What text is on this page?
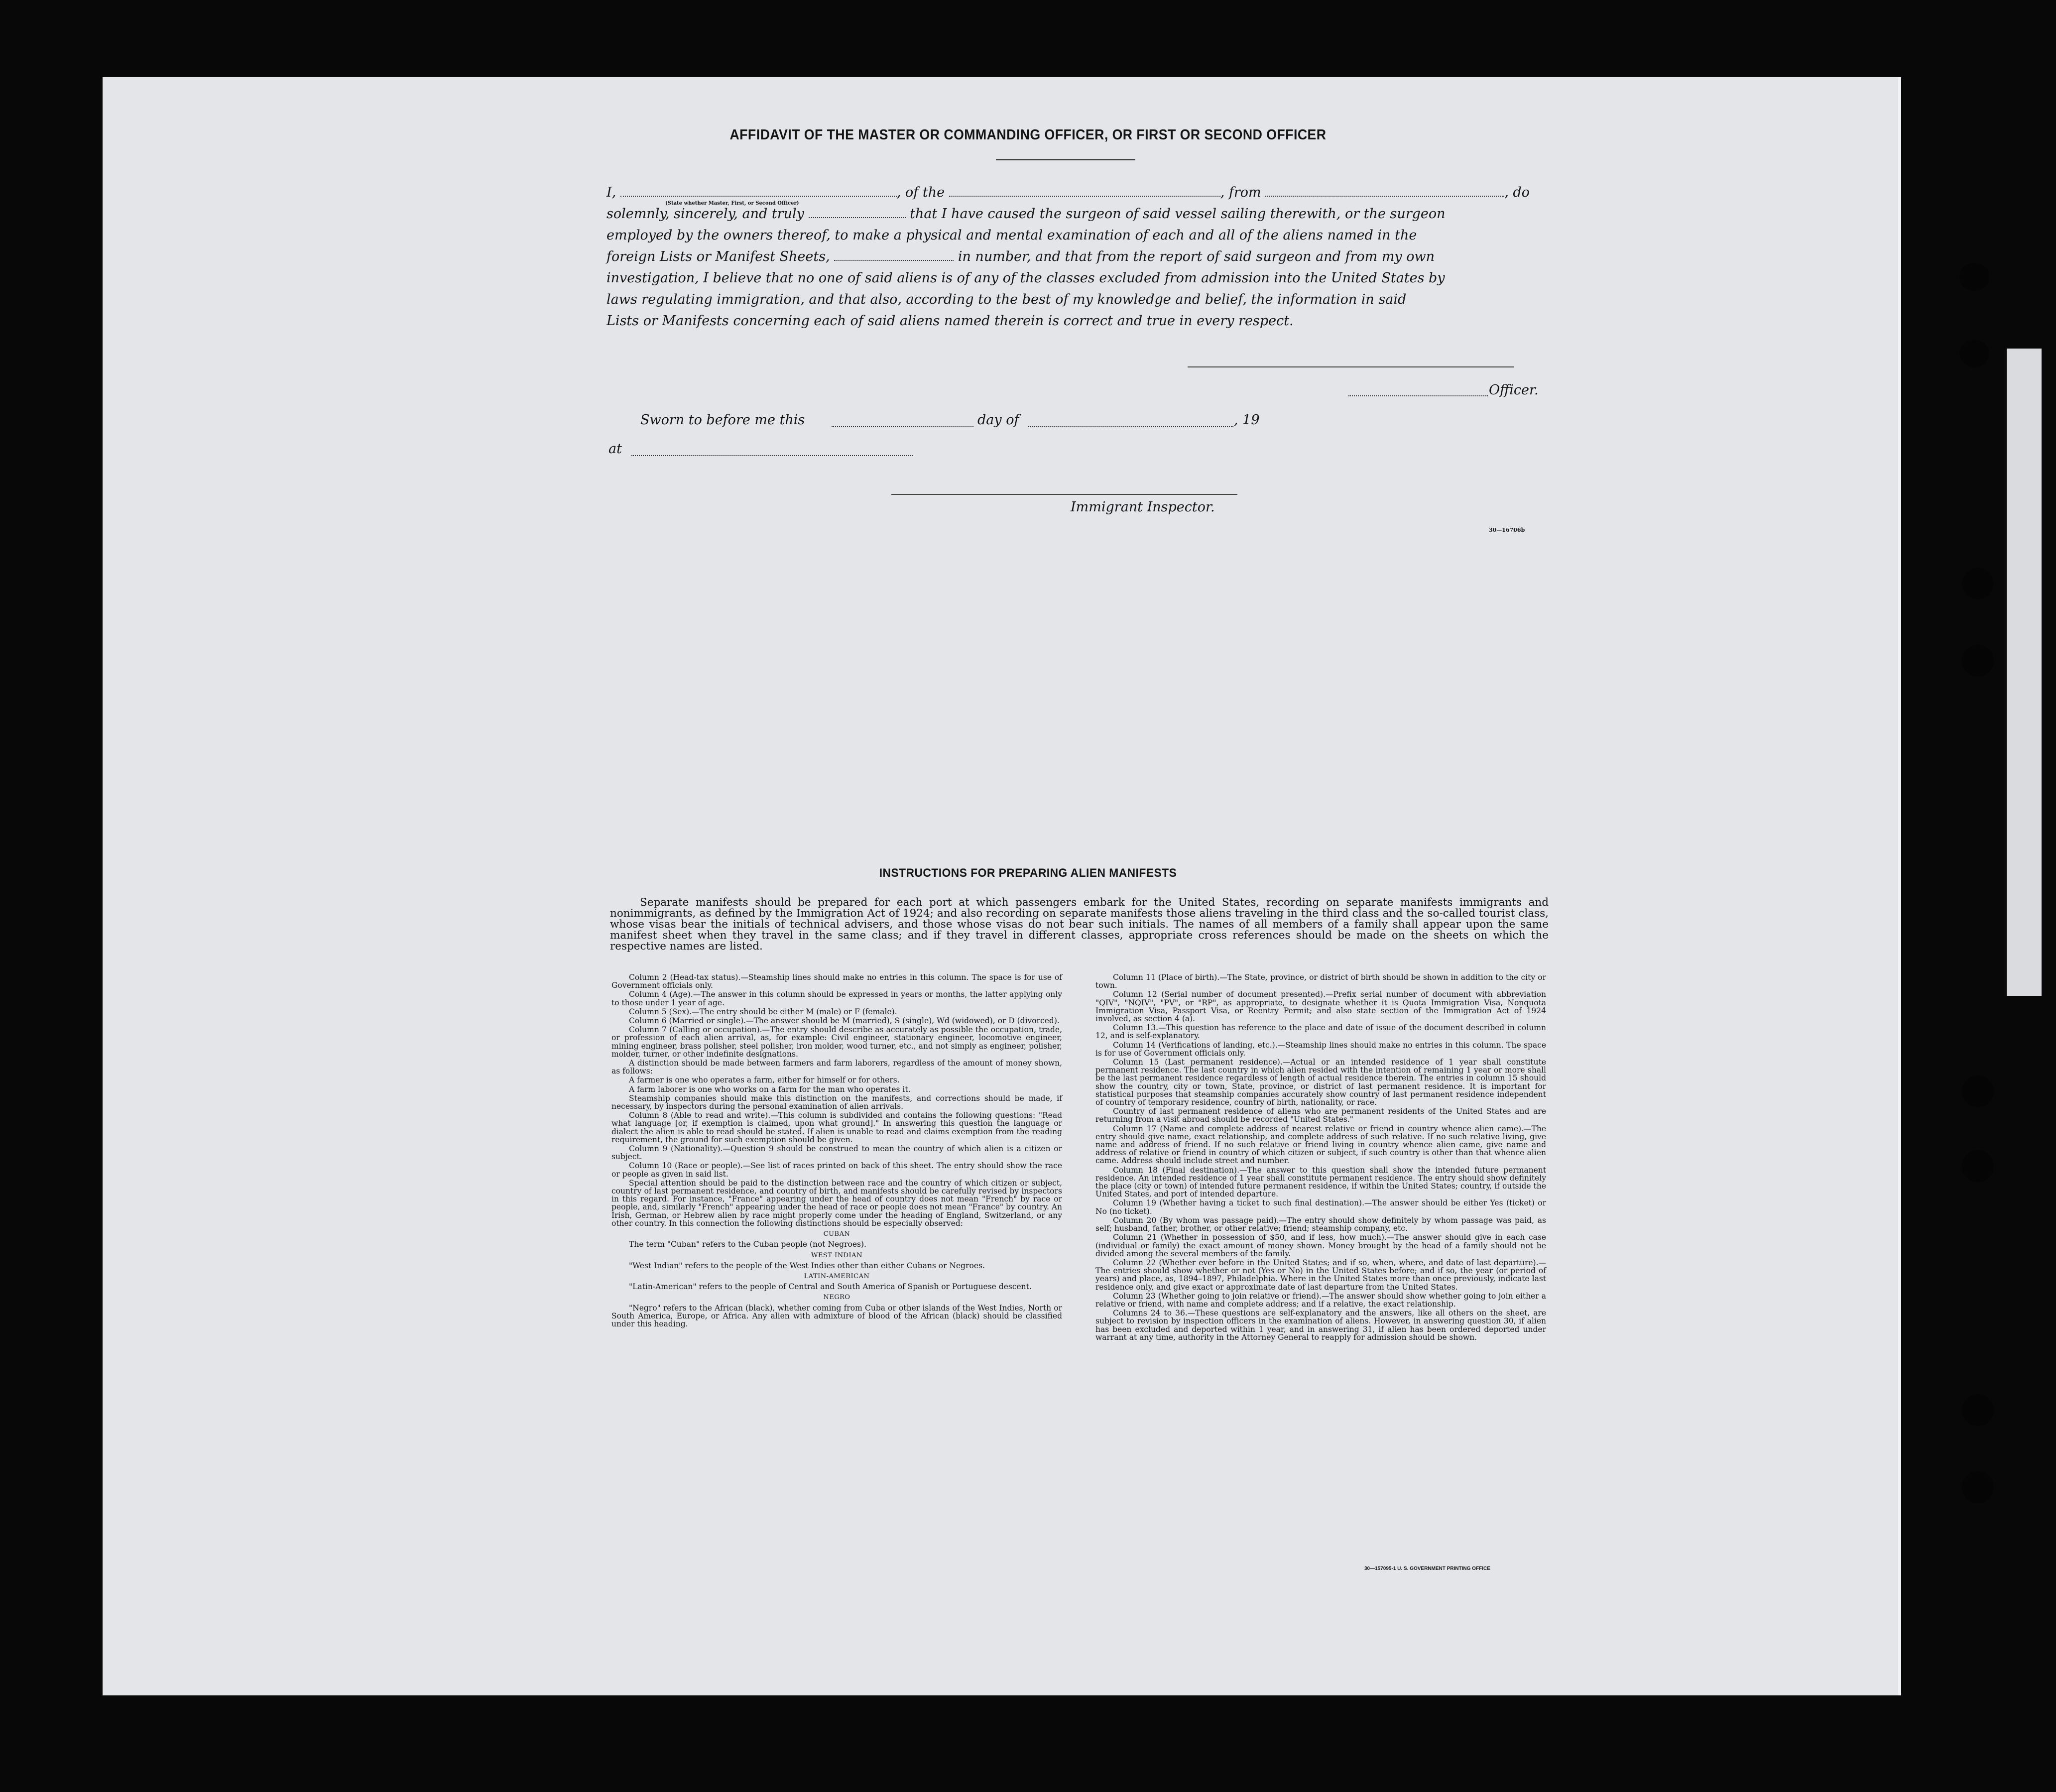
AFFIDAVIT OF THE MASTER OR COMMANDING OFFICER, OR FIRST OR SECOND OFFICER
I,	, of the	, from	, do
(State whether Master, First, or Second Officer)
solemnly, sincerely, and truly	that I have caused the surgeon of said vessel sailing therewith, or the surgeon
employed by the owners thereof, to make a physical and mental examination of each and all of the aliens named in the
foreign Lists or Manifest Sheets,	in number, and that from the report of said surgeon and from my own
investigation, I believe that no one of said aliens is of any of the classes excluded from admission into the United States by
laws regulating immigration, and that also, according to the best of my knowledge and belief, the information in said
Lists or Manifests concerning each of said aliens named therein is correct and true in every respect.
Officer.
Sworn to before me this	day of	, 19
at
Immigrant Inspector.
30—16706b
INSTRUCTIONS FOR PREPARING ALIEN MANIFESTS
Separate manifests should be prepared for each port at which passengers embark for the United States, recording on separate manifests immigrants and nonimmigrants, as defined by the Immigration Act of 1924; and also recording on separate manifests those aliens traveling in the third class and the so-called tourist class, whose visas bear the initials of technical advisers, and those whose visas do not bear such initials. The names of all members of a family shall appear upon the same manifest sheet when they travel in the same class; and if they travel in different classes, appropriate cross references should be made on the sheets on which the respective names are listed.

Column 2 (Head-tax status).—Steamship lines should make no entries in this column. The space is for use of Government officials only.

Column 4 (Age).—The answer in this column should be expressed in years or months, the latter applying only to those under 1 year of age.

Column 5 (Sex).—The entry should be either M (male) or F (female).

Column 6 (Married or single).—The answer should be M (married), S (single), Wd (widowed), or D (divorced).

Column 7 (Calling or occupation).—The entry should describe as accurately as possible the occupation, trade, or profession of each alien arrival, as, for example: Civil engineer, stationary engineer, locomotive engineer, mining engineer, brass polisher, steel polisher, iron molder, wood turner, etc., and not simply as engineer, polisher, molder, turner, or other indefinite designations.

A distinction should be made between farmers and farm laborers, regardless of the amount of money shown, as follows:

A farmer is one who operates a farm, either for himself or for others.

A farm laborer is one who works on a farm for the man who operates it.

Steamship companies should make this distinction on the manifests, and corrections should be made, if necessary, by inspectors during the personal examination of alien arrivals.

Column 8 (Able to read and write).—This column is subdivided and contains the following questions: "Read what language [or, if exemption is claimed, upon what ground]." In answering this question the language or dialect the alien is able to read should be stated. If alien is unable to read and claims exemption from the reading requirement, the ground for such exemption should be given.

Column 9 (Nationality).—Question 9 should be construed to mean the country of which alien is a citizen or subject.

Column 10 (Race or people).—See list of races printed on back of this sheet. The entry should show the race or people as given in said list.

Special attention should be paid to the distinction between race and the country of which citizen or subject, country of last permanent residence, and country of birth, and manifests should be carefully revised by inspectors in this regard. For instance, "France" appearing under the head of country does not mean "French" by race or people, and, similarly "French" appearing under the head of race or people does not mean "France" by country. An Irish, German, or Hebrew alien by race might properly come under the heading of England, Switzerland, or any other country. In this connection the following distinctions should be especially observed:

CUBAN

The term "Cuban" refers to the Cuban people (not Negroes).

WEST INDIAN

"West Indian" refers to the people of the West Indies other than either Cubans or Negroes.

LATIN-AMERICAN

"Latin-American" refers to the people of Central and South America of Spanish or Portuguese descent.

NEGRO

"Negro" refers to the African (black), whether coming from Cuba or other islands of the West Indies, North or South America, Europe, or Africa. Any alien with admixture of blood of the African (black) should be classified under this heading.

Column 11 (Place of birth).—The State, province, or district of birth should be shown in addition to the city or town.

Column 12 (Serial number of document presented).—Prefix serial number of document with abbreviation "QIV", "NQIV", "PV", or "RP", as appropriate, to designate whether it is Quota Immigration Visa, Nonquota Immigration Visa, Passport Visa, or Reentry Permit; and also state section of the Immigration Act of 1924 involved, as section 4 (a).

Column 13.—This question has reference to the place and date of issue of the document described in column 12, and is self-explanatory.

Column 14 (Verifications of landing, etc.).—Steamship lines should make no entries in this column. The space is for use of Government officials only.

Column 15 (Last permanent residence).—Actual or an intended residence of 1 year shall constitute permanent residence. The last country in which alien resided with the intention of remaining 1 year or more shall be the last permanent residence regardless of length of actual residence therein. The entries in column 15 should show the country, city or town, State, province, or district of last permanent residence. It is important for statistical purposes that steamship companies accurately show country of last permanent residence independent of country of temporary residence, country of birth, nationality, or race.

Country of last permanent residence of aliens who are permanent residents of the United States and are returning from a visit abroad should be recorded "United States."

Column 17 (Name and complete address of nearest relative or friend in country whence alien came).—The entry should give name, exact relationship, and complete address of such relative. If no such relative living, give name and address of friend. If no such relative or friend living in country whence alien came, give name and address of relative or friend in country of which citizen or subject, if such country is other than that whence alien came. Address should include street and number.

Column 18 (Final destination).—The answer to this question shall show the intended future permanent residence. An intended residence of 1 year shall constitute permanent residence. The entry should show definitely the place (city or town) of intended future permanent residence, if within the United States; country, if outside the United States, and port of intended departure.

Column 19 (Whether having a ticket to such final destination).—The answer should be either Yes (ticket) or No (no ticket).

Column 20 (By whom was passage paid).—The entry should show definitely by whom passage was paid, as self; husband, father, brother, or other relative; friend; steamship company, etc.

Column 21 (Whether in possession of $50, and if less, how much).—The answer should give in each case (individual or family) the exact amount of money shown. Money brought by the head of a family should not be divided among the several members of the family.

Column 22 (Whether ever before in the United States; and if so, when, where, and date of last departure).—The entries should show whether or not (Yes or No) in the United States before; and if so, the year (or period of years) and place, as, 1894–1897, Philadelphia. Where in the United States more than once previously, indicate last residence only, and give exact or approximate date of last departure from the United States.

Column 23 (Whether going to join relative or friend).—The answer should show whether going to join either a relative or friend, with name and complete address; and if a relative, the exact relationship.

Columns 24 to 36.—These questions are self-explanatory and the answers, like all others on the sheet, are subject to revision by inspection officers in the examination of aliens. However, in answering question 30, if alien has been excluded and deported within 1 year, and in answering 31, if alien has been ordered deported under warrant at any time, authority in the Attorney General to reapply for admission should be shown.

30—157095-1 U. S. GOVERNMENT PRINTING OFFICE
